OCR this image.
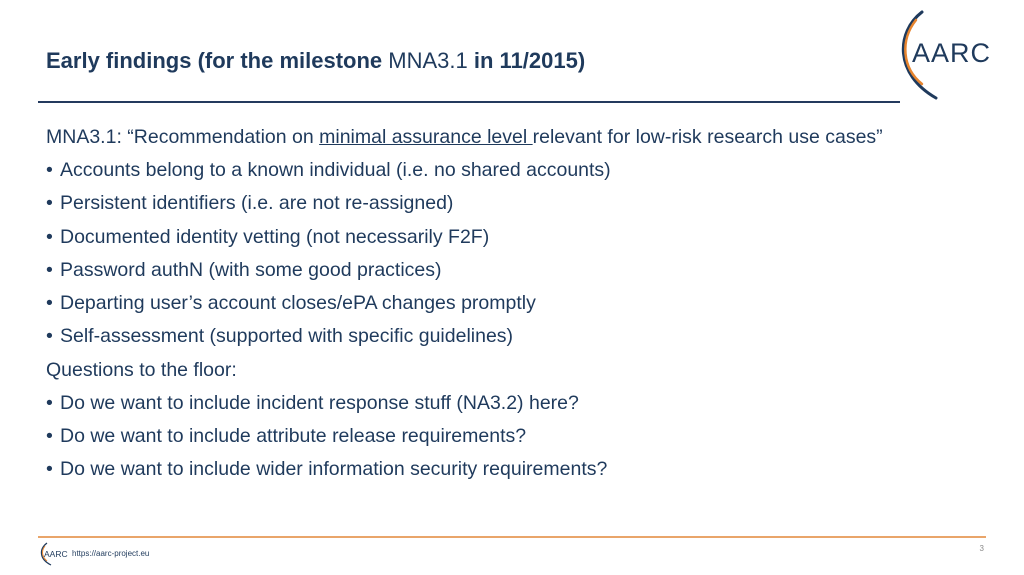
Early findings (for the milestone MNA3.1 in 11/2015)	AARC

MNA3.1: “Recommendation on minimal assurance level relevant for low-risk research use cases”

• Accounts belong to a known individual (i.e. no shared accounts)
• Persistent identifiers (i.e. are not re-assigned)
• Documented identity vetting (not necessarily F2F)
• Password authN (with some good practices)
• Departing user’s account closes/ePA changes promptly
• Self-assessment (supported with specific guidelines)

Questions to the floor:

• Do we want to include incident response stuff (NA3.2) here?
• Do we want to include attribute release requirements?
• Do we want to include wider information security requirements?
AARC https://aarc-project.eu
3
